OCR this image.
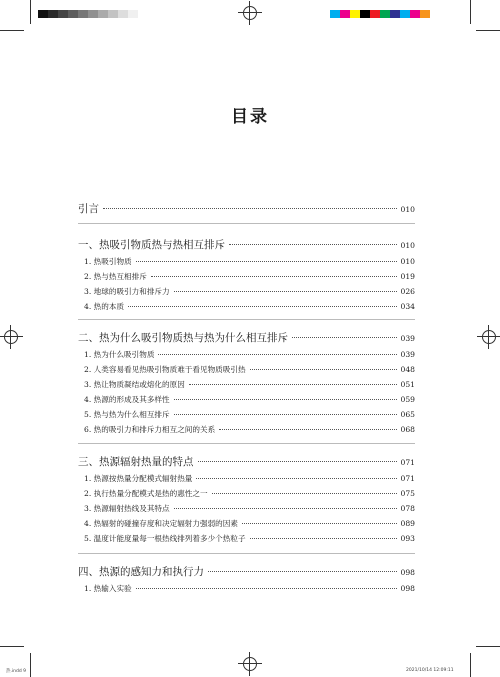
目录
引言	010
一、热吸引物质热与热相互排斥	010
1. 热吸引物质	010
2. 热与热互相排斥	019
3. 地球的吸引力和排斥力	026
4. 热的本质	034
二、热为什么吸引物质热与热为什么相互排斥	039
1. 热为什么吸引物质	039
2. 人类容易看见热吸引物质难于看见物质吸引热	048
3. 热让物质凝结或熔化的原因	051
4. 热源的形成及其多样性	059
5. 热与热为什么相互排斥	065
6. 热的吸引力和排斥力相互之间的关系	068
三、热源辐射热量的特点	071
1. 热源按热量分配模式辐射热量	071
2. 执行热量分配模式是热的惠性之一	075
3. 热源辐射热线及其特点	078
4. 热辐射的碰撞存度和决定辐射力强弱的因素	089
5. 温度计能度量每一根热线排列着多少个热粒子	093
四、热源的感知力和执行力	098
1. 热输入实验	098
热.indd 9	2021/10/14 12:09:11
